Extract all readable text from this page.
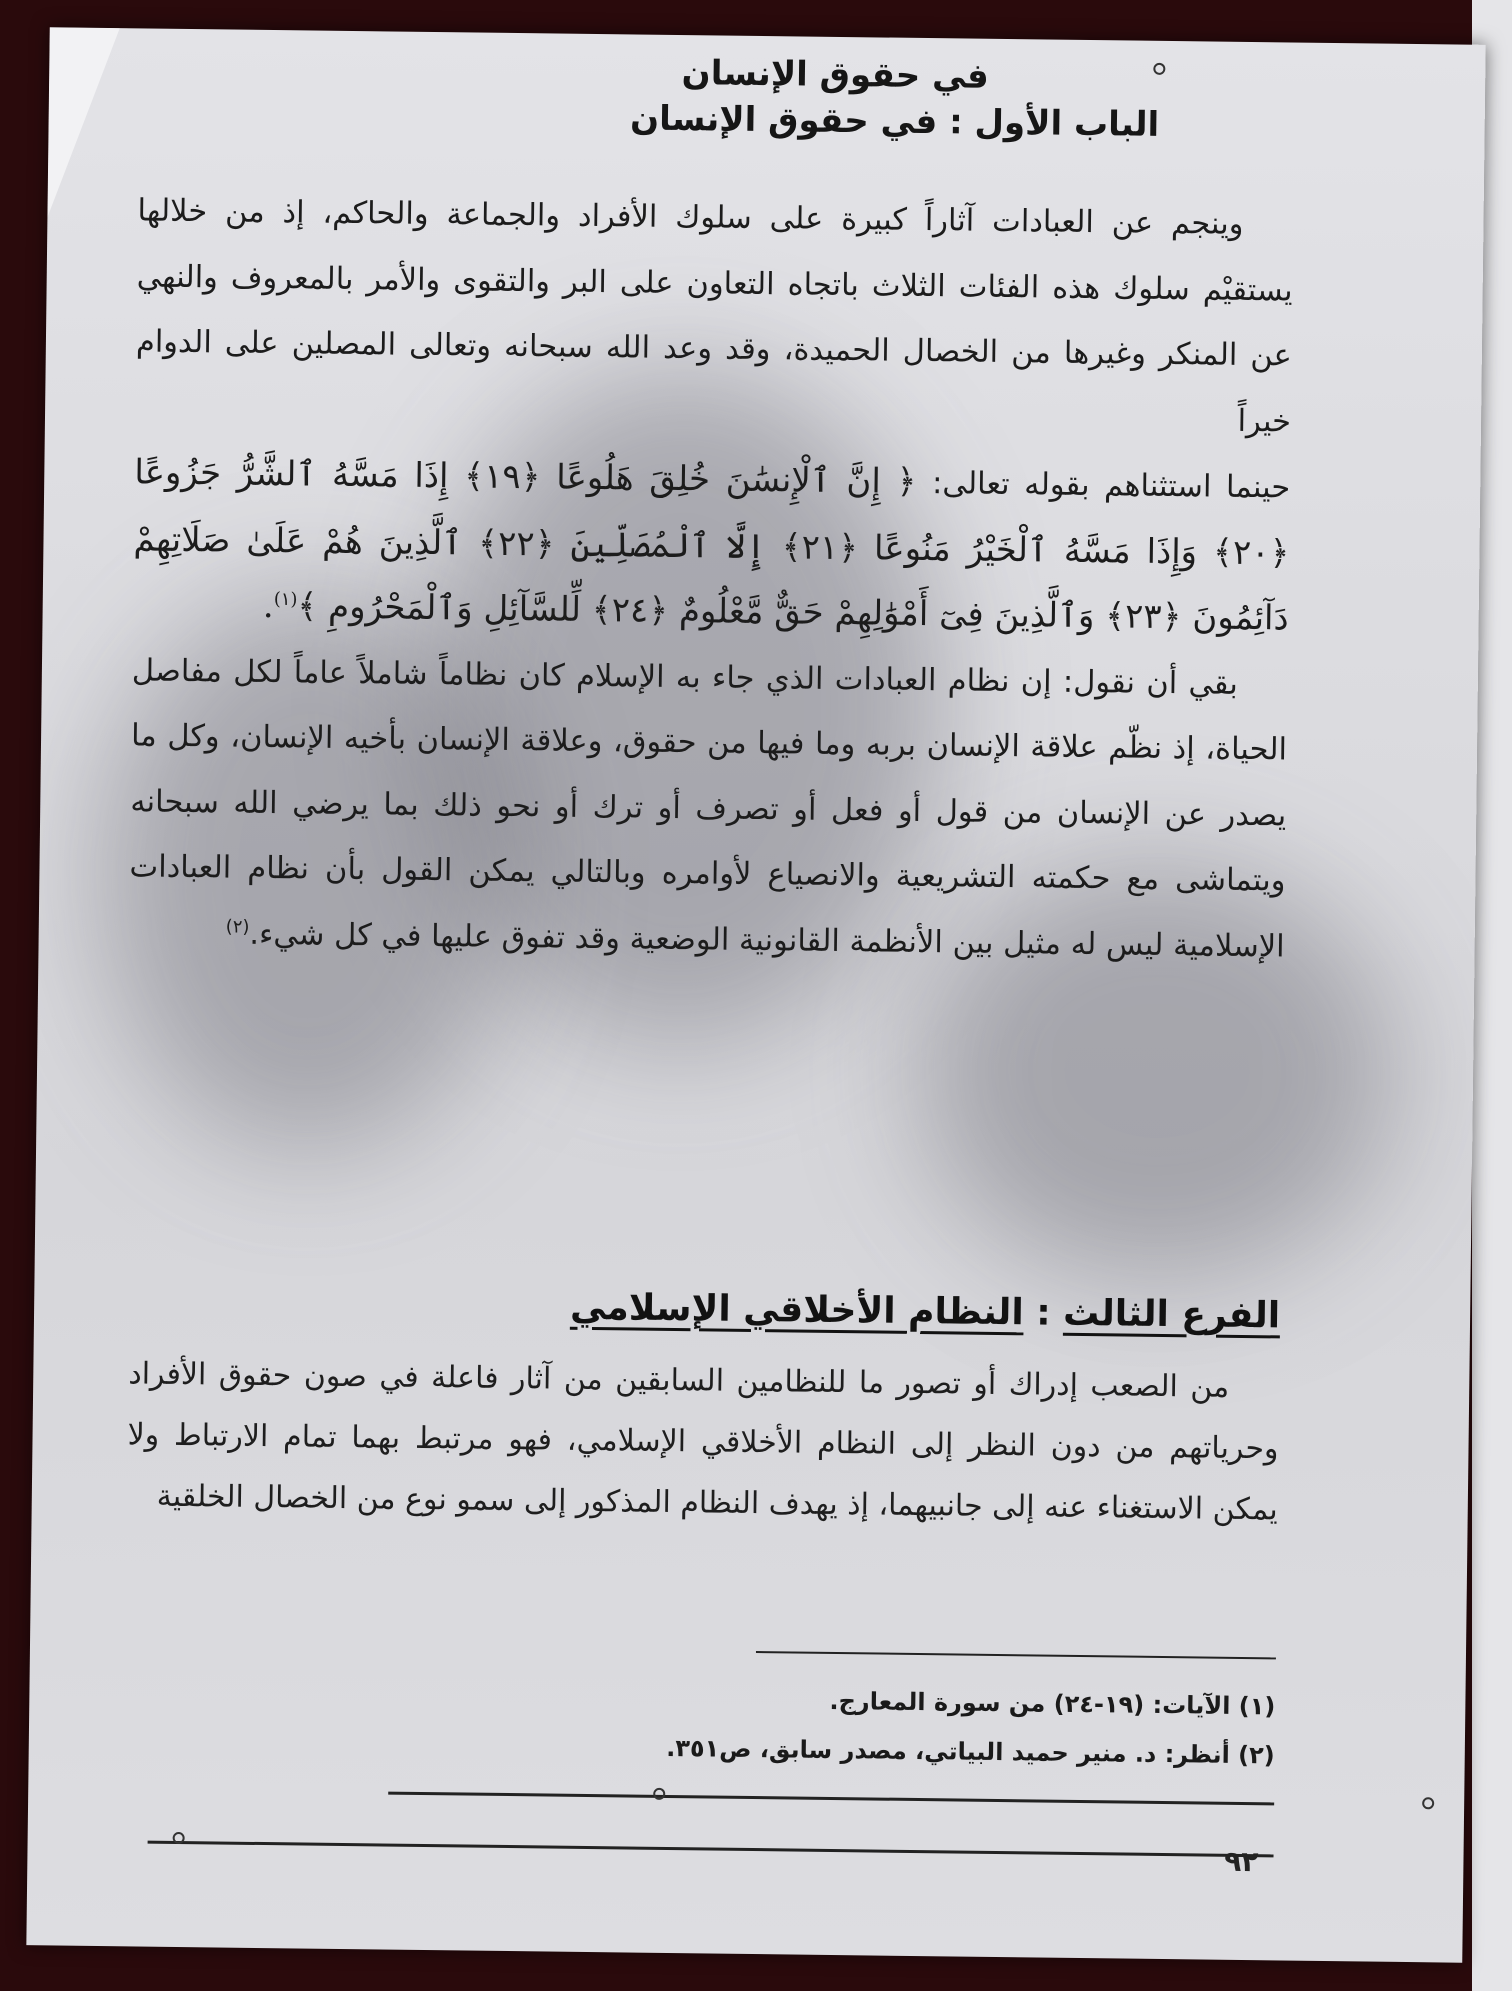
في حقوق الإنسان
الباب الأول : في حقوق الإنسان

وينجم عن العبادات آثاراً كبيرة على سلوك الأفراد والجماعة والحاكم، إذ من خلالها يستقيْم سلوك هذه الفئات الثلاث باتجاه التعاون على البر والتقوى والأمر بالمعروف والنهي عن المنكر وغيرها من الخصال الحميدة، وقد وعد الله سبحانه وتعالى المصلين على الدوام خيراً

حينما استثناهم بقوله تعالى: ﴿ إِنَّ ٱلْإِنسَٰنَ خُلِقَ هَلُوعًا ﴿١٩﴾ إِذَا مَسَّهُ ٱلشَّرُّ جَزُوعًا ﴿٢٠﴾ وَإِذَا مَسَّهُ ٱلْخَيْرُ مَنُوعًا ﴿٢١﴾ إِلَّا ٱلْمُصَلِّينَ ﴿٢٢﴾ ٱلَّذِينَ هُمْ عَلَىٰ صَلَاتِهِمْ دَآئِمُونَ ﴿٢٣﴾ وَٱلَّذِينَ فِىٓ أَمْوَٰلِهِمْ حَقٌّ مَّعْلُومٌ ﴿٢٤﴾ لِّلسَّآئِلِ وَٱلْمَحْرُومِ ﴾$^{(١)}$.

بقي أن نقول: إن نظام العبادات الذي جاء به الإسلام كان نظاماً شاملاً عاماً لكل مفاصل الحياة، إذ نظّم علاقة الإنسان بربه وما فيها من حقوق، وعلاقة الإنسان بأخيه الإنسان، وكل ما يصدر عن الإنسان من قول أو فعل أو تصرف أو ترك أو نحو ذلك بما يرضي الله سبحانه ويتماشى مع حكمته التشريعية والانصياع لأوامره وبالتالي يمكن القول بأن نظام العبادات الإسلامية ليس له مثيل بين الأنظمة القانونية الوضعية وقد تفوق عليها في كل شيء.$^{(٢)}$

الفرع الثالث : النظام الأخلاقي الإسلامي

من الصعب إدراك أو تصور ما للنظامين السابقين من آثار فاعلة في صون حقوق الأفراد وحرياتهم من دون النظر إلى النظام الأخلاقي الإسلامي، فهو مرتبط بهما تمام الارتباط ولا يمكن الاستغناء عنه إلى جانبيهما، إذ يهدف النظام المذكور إلى سمو نوع من الخصال الخلقية

(١) الآيات: (١٩-٢٤) من سورة المعارج.
(٢) أنظر: د. منير حميد البياتي، مصدر سابق، ص٣٥١.
٩٢
